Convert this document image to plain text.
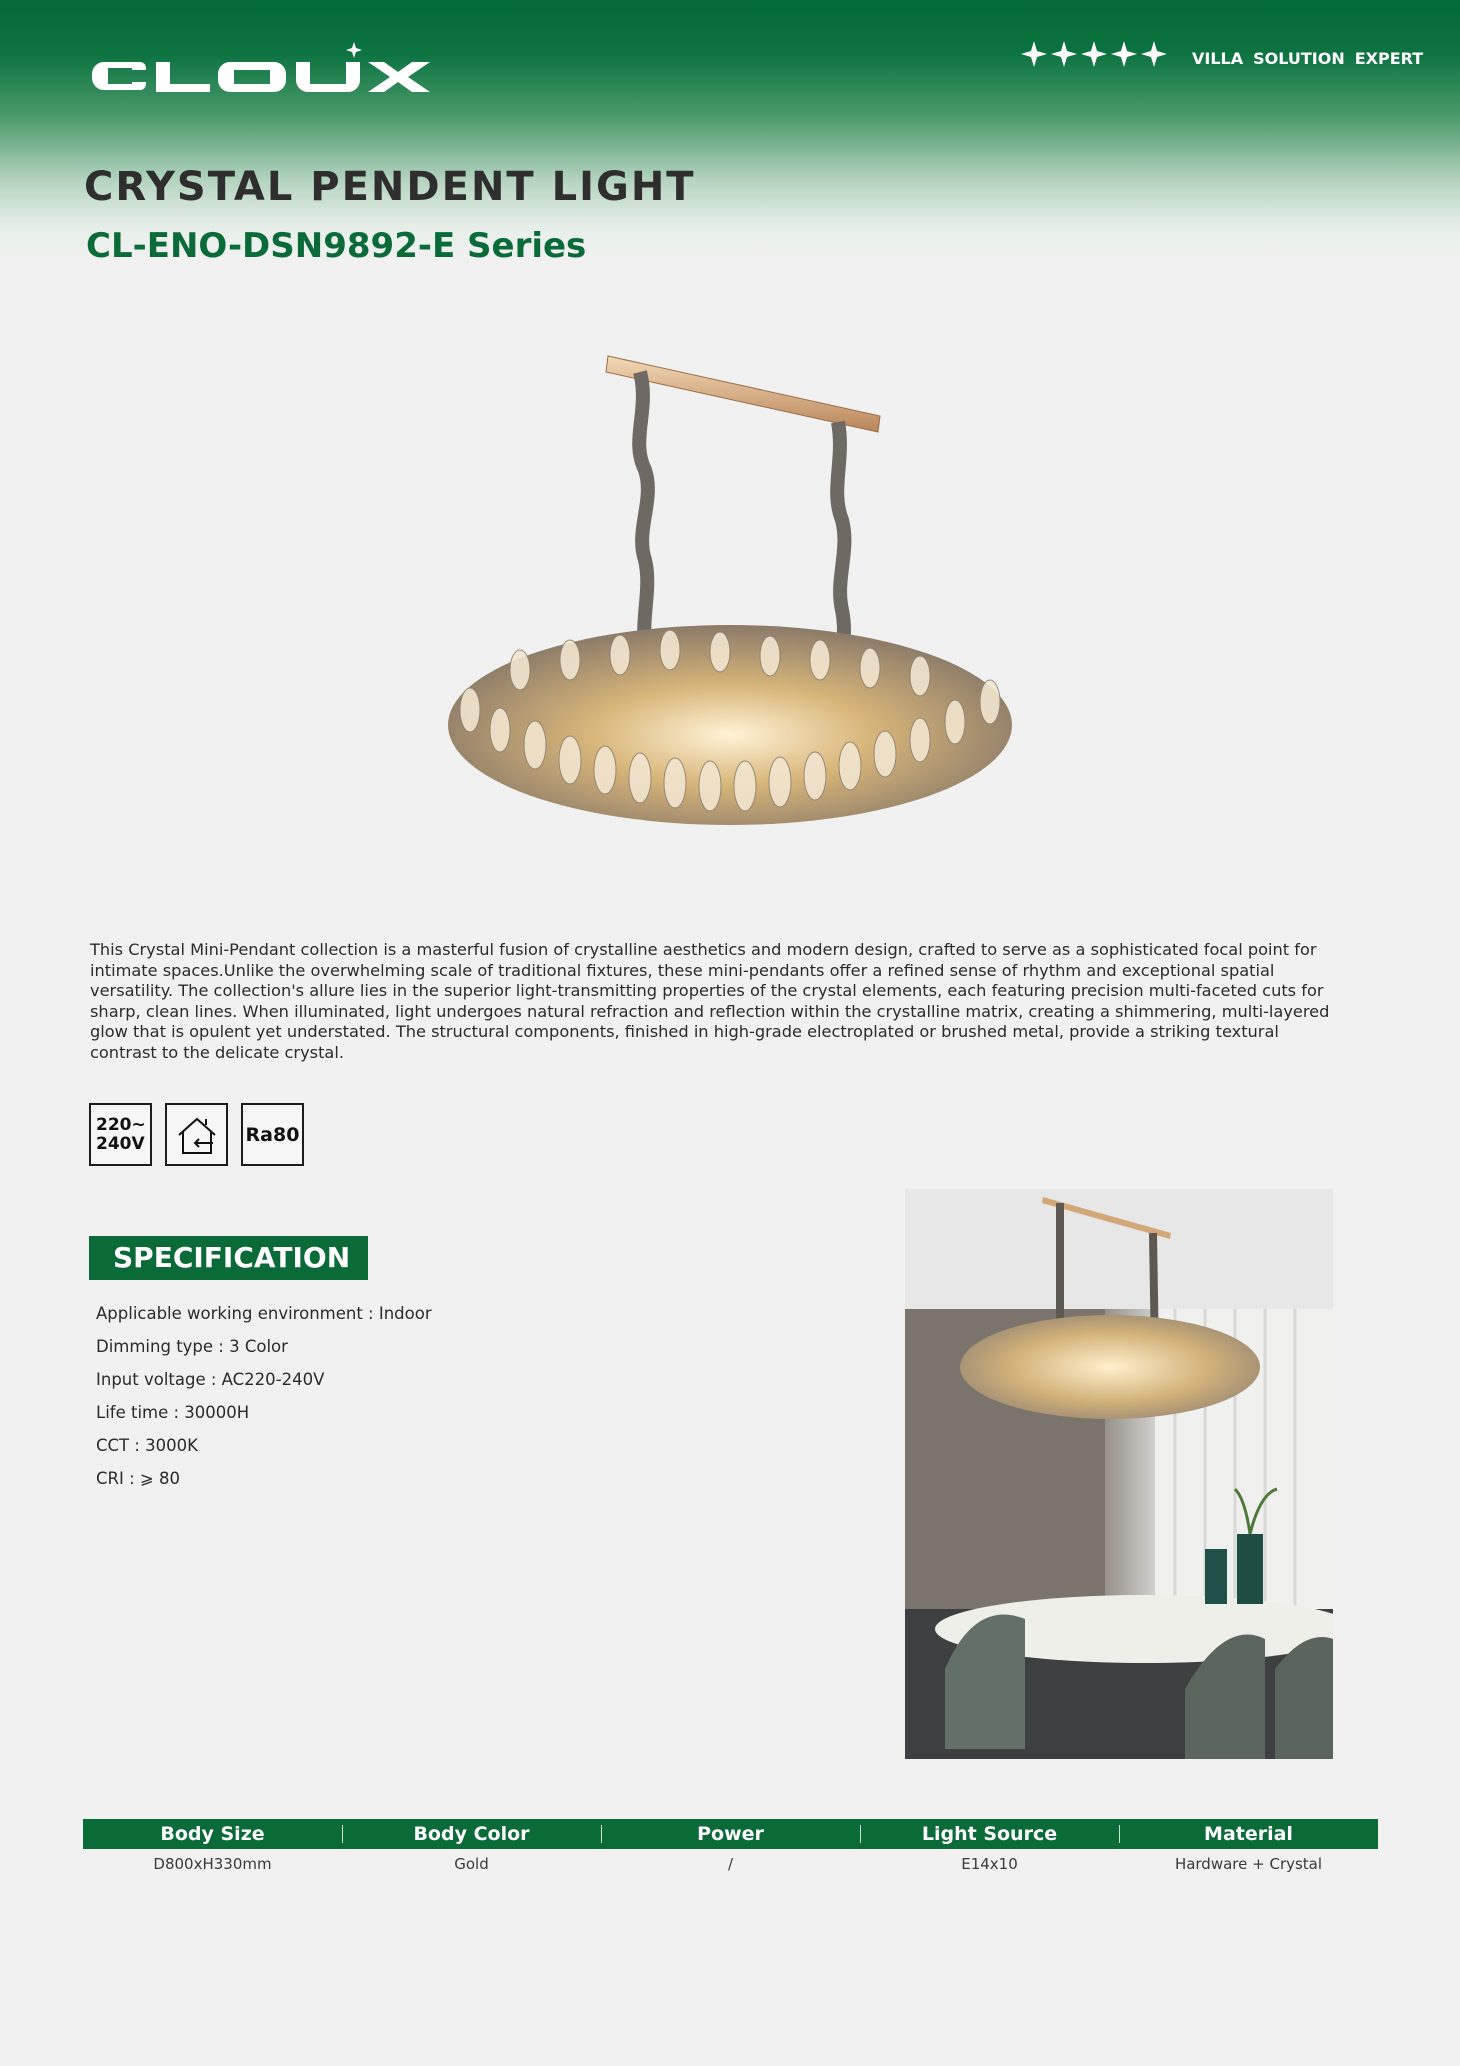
VILLA SOLUTION EXPERT
CRYSTAL PENDENT LIGHT
CL-ENO-DSN9892-E Series

This Crystal Mini-Pendant collection is a masterful fusion of crystalline aesthetics and modern design, crafted to serve as a sophisticated focal point for intimate spaces.Unlike the overwhelming scale of traditional fixtures, these mini-pendants offer a refined sense of rhythm and exceptional spatial versatility. The collection's allure lies in the superior light-transmitting properties of the crystal elements, each featuring precision multi-faceted cuts for sharp, clean lines. When illuminated, light undergoes natural refraction and reflection within the crystalline matrix, creating a shimmering, multi-layered glow that is opulent yet understated. The structural components, finished in high-grade electroplated or brushed metal, provide a striking textural contrast to the delicate crystal.

220~
240V	Ra80
SPECIFICATION
Applicable working environment : Indoor
Dimming type : 3 Color
Input voltage : AC220-240V
Life time : 30000H
CCT : 3000K
CRI : ⩾ 80
Body Size	Body Color	Power	Light Source	Material
D800xH330mm	Gold	/	E14x10	Hardware + Crystal
